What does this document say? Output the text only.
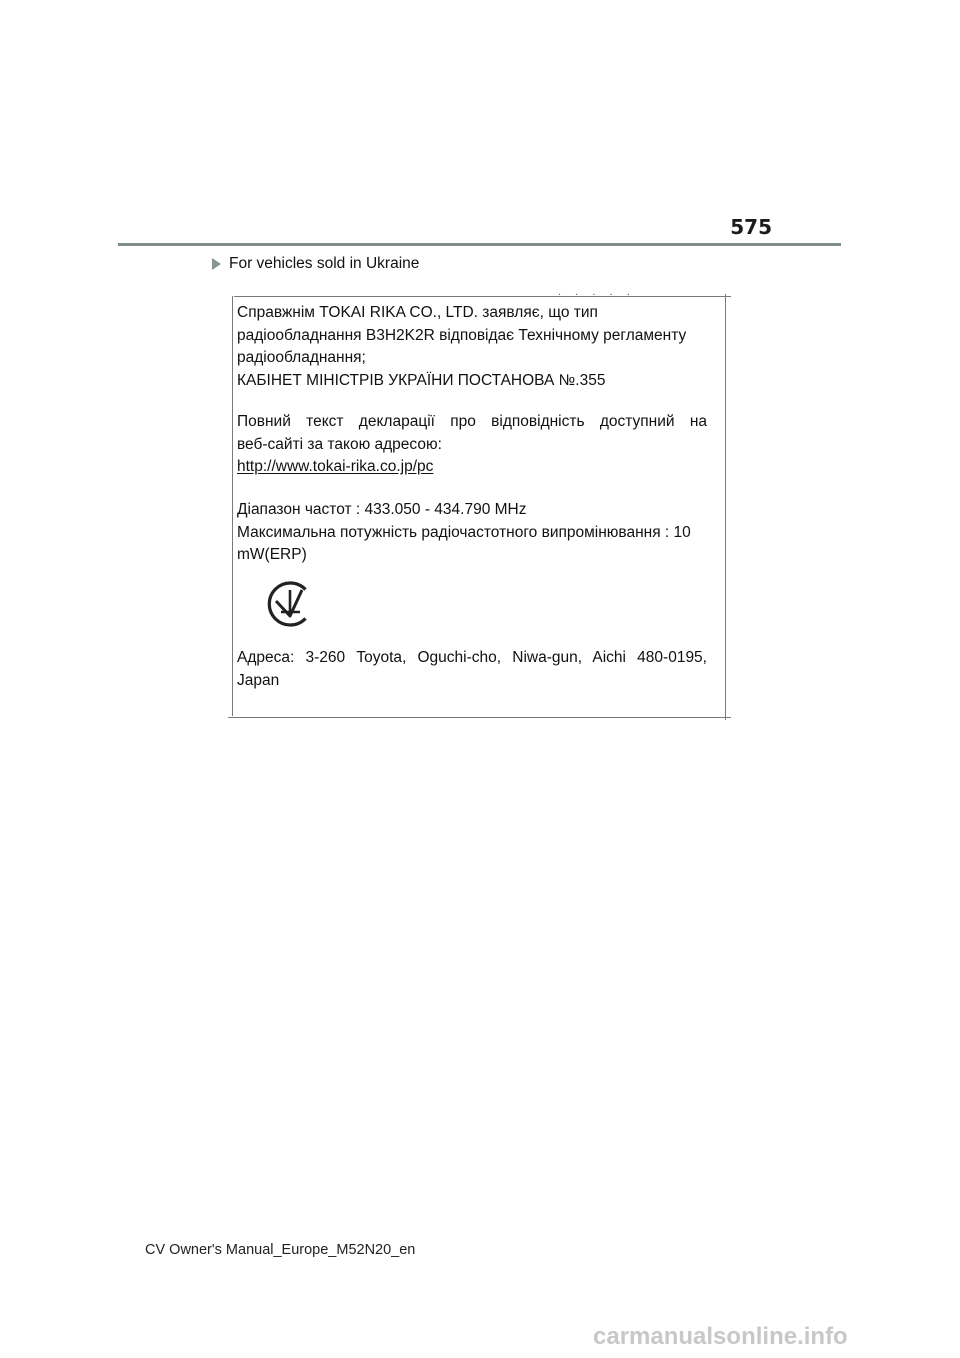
575
For vehicles sold in Ukraine
·····

Справжнім TOKAI RIKA CO., LTD. заявляє, що тип

радіообладнання B3H2K2R відповідає Технічному регламенту

радіообладнання;

КАБІНЕТ МІНІСТРІВ УКРАЇНИ ПОСТАНОВА №.355

Повний текст декларації про відповідність доступний на

веб-сайті за такою адресою:

http://www.tokai-rika.co.jp/pc

Діапазон частот : 433.050 - 434.790 MHz

Максимальна потужність радіочастотного випромінювання : 10

mW(ERP)

Адреса: 3-260 Toyota, Oguchi-cho, Niwa-gun, Aichi 480-0195,

Japan

CV Owner's Manual_Europe_M52N20_en
carmanualsonline.info
